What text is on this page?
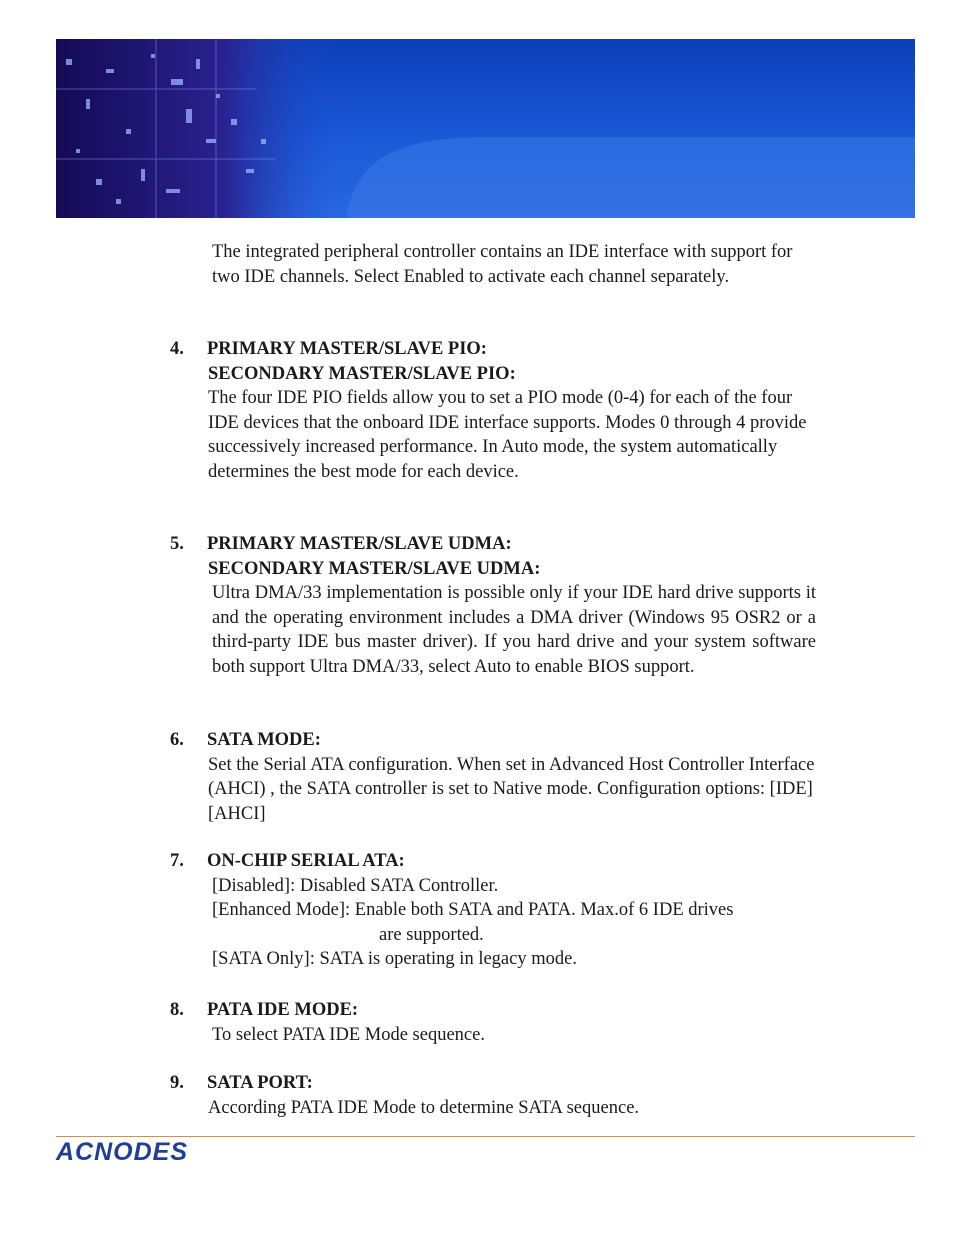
The integrated peripheral controller contains an IDE interface with support for two IDE channels. Select Enabled to activate each channel separately.
4. PRIMARY MASTER/SLAVE PIO:
SECONDARY MASTER/SLAVE PIO:
The four IDE PIO fields allow you to set a PIO mode (0-4) for each of the four IDE devices that the onboard IDE interface supports. Modes 0 through 4 provide successively increased performance. In Auto mode, the system automatically determines the best mode for each device.
5. PRIMARY MASTER/SLAVE UDMA:
SECONDARY MASTER/SLAVE UDMA:
Ultra DMA/33 implementation is possible only if your IDE hard drive supports it and the operating environment includes a DMA driver (Windows 95 OSR2 or a third-party IDE bus master driver). If you hard drive and your system software both support Ultra DMA/33, select Auto to enable BIOS support.
6. SATA MODE:
Set the Serial ATA configuration. When set in Advanced Host Controller Interface (AHCI) , the SATA controller is set to Native mode. Configuration options: [IDE] [AHCI]
7. ON-CHIP SERIAL ATA:
[Disabled]: Disabled SATA Controller.
[Enhanced Mode]: Enable both SATA and PATA. Max.of 6 IDE drives
are supported.
[SATA Only]: SATA is operating in legacy mode.
8. PATA IDE MODE:
To select PATA IDE Mode sequence.
9. SATA PORT:
According PATA IDE Mode to determine SATA sequence.
ACNODES
